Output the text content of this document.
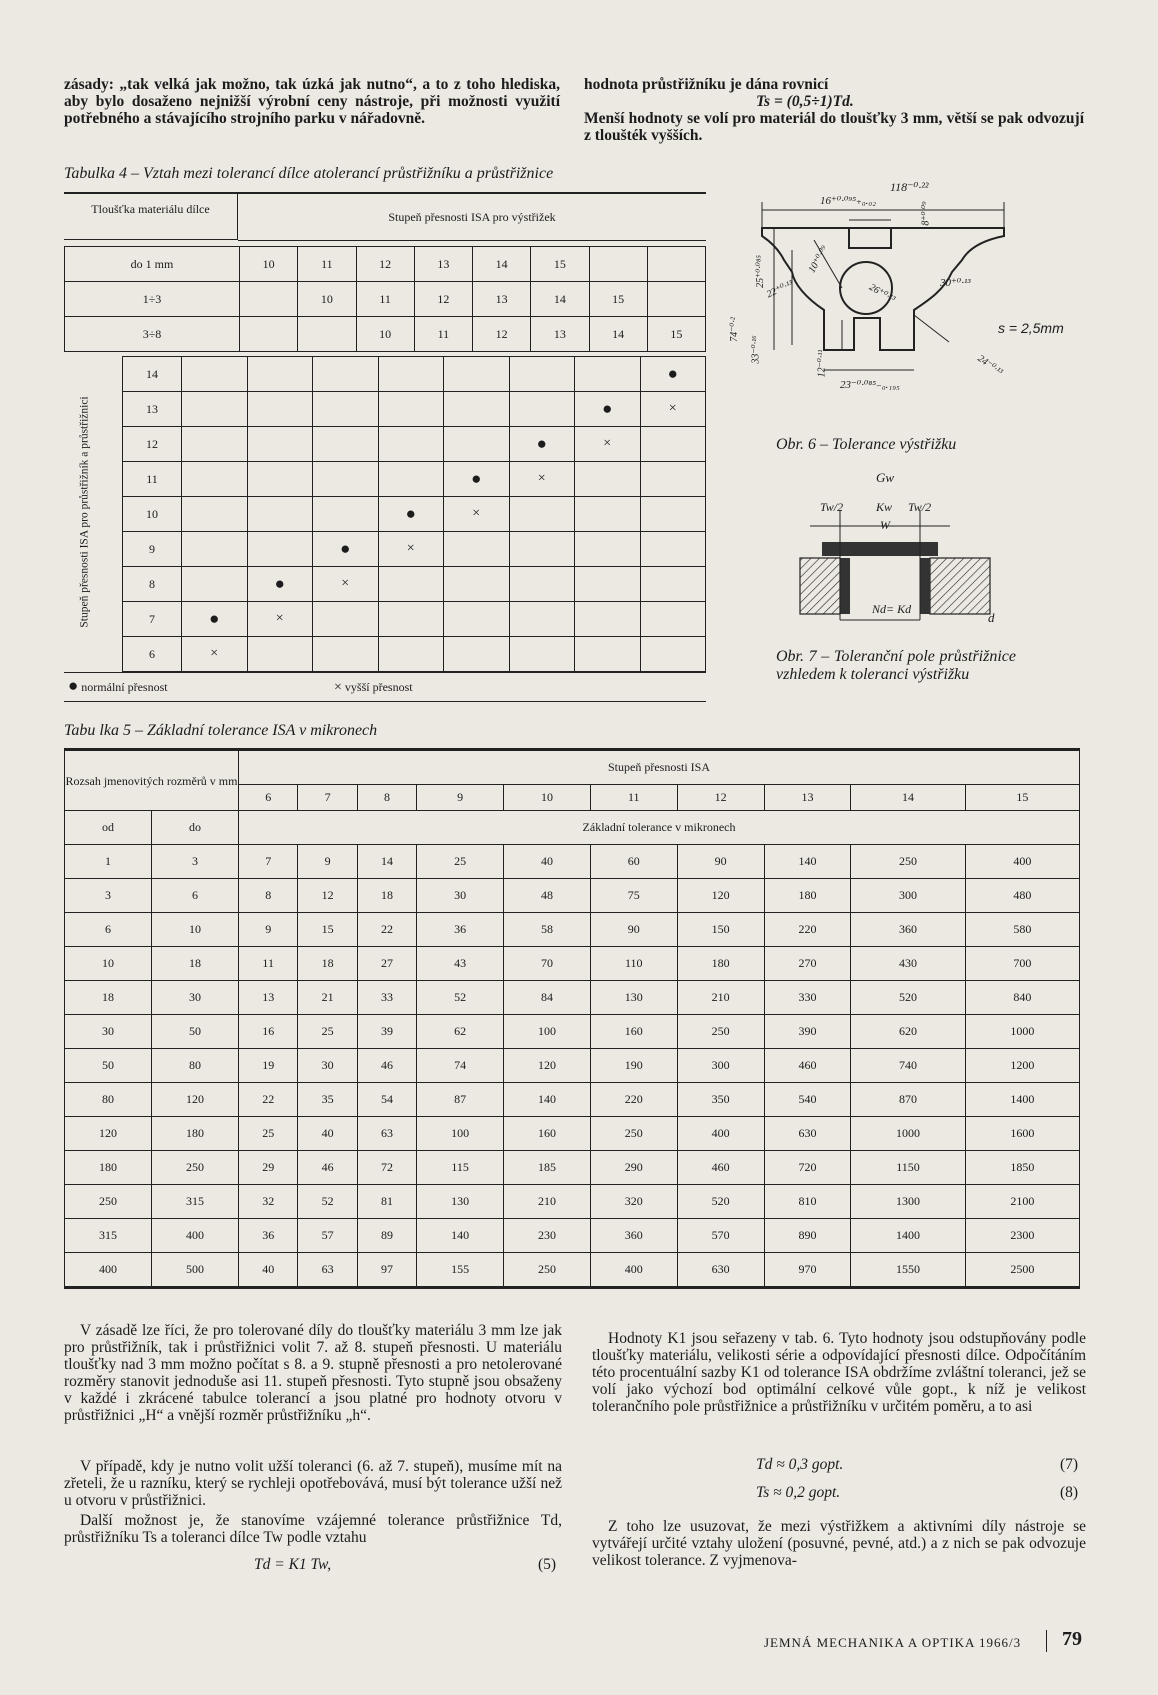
zásady: „tak velká jak možno, tak úzká jak nutno“, a to z toho hlediska, aby bylo dosaženo nejnižší výrobní ceny nástroje, při možnosti využití potřebného a stávajícího strojního parku v nářadovně.
hodnota průstřižníku je dána rovnicí
Ts = (0,5÷1)Td.
Menší hodnoty se volí pro materiál do tloušťky 3 mm, větší se pak odvozují z tloušték vyšších.
Tabulka 4 – Vztah mezi tolerancí dílce atolerancí průstřižníku a průstřižnice
Tloušťka materiálu dílce
Stupeň přesnosti ISA pro výstřižek
do 1 mm	10	11	12	13	14	15		
1÷3		10	11	12	13	14	15	
3÷8			10	11	12	13	14	15
Stupeň přesnosti ISA pro průstřižník a průstřižnici
14								●
13							●	×
12						●	×	
11					●	×		
10				●	×			
9			●	×				
8		●	×					
7	●	×						
6	×							
● normální přesnost	× vyšší přesnost
118⁻⁰·²²
16⁺⁰·⁰⁹⁵₊₀.₀₂
8⁺⁰·⁰⁹
25⁺⁰·⁰⁸⁵	10⁺⁰·⁰⁹
22⁺⁰·¹³	30⁺⁰·¹³
26⁺⁰·¹³
74⁻⁰·²
33⁻⁰·¹⁶	12⁻⁰·¹¹	24⁻⁰·¹³
23⁻⁰·⁰⁸⁵₋₀.₁₉₅
s = 2,5mm
Obr. 6 – Tolerance výstřižku
Gw
Tw/2	Kw Tw/2
W
Nd= Kd
d
Obr. 7 – Toleranční pole průstřižnice vzhledem k toleranci výstřižku
Tabu lka 5 – Základní tolerance ISA v mikronech
Rozsah jmenovitých rozměrů v mm		Stupeň přesnosti ISA									
		6	7	8	9	10	11	12	13	14	15
od	do	Základní tolerance v mikronech									
1	3	7	9	14	25	40	60	90	140	250	400
3	6	8	12	18	30	48	75	120	180	300	480
6	10	9	15	22	36	58	90	150	220	360	580
10	18	11	18	27	43	70	110	180	270	430	700
18	30	13	21	33	52	84	130	210	330	520	840
30	50	16	25	39	62	100	160	250	390	620	1000
50	80	19	30	46	74	120	190	300	460	740	1200
80	120	22	35	54	87	140	220	350	540	870	1400
120	180	25	40	63	100	160	250	400	630	1000	1600
180	250	29	46	72	115	185	290	460	720	1150	1850
250	315	32	52	81	130	210	320	520	810	1300	2100
315	400	36	57	89	140	230	360	570	890	1400	2300
400	500	40	63	97	155	250	400	630	970	1550	2500
V zásadě lze říci, že pro tolerované díly do tloušťky materiálu 3 mm lze jak pro průstřižník, tak i průstřižnici volit 7. až 8. stupeň přesnosti. U materiálu tloušťky nad 3 mm možno počítat s 8. a 9. stupně přesnosti a pro netolerované rozměry stanovit jednoduše asi 11. stupeň přesnosti. Tyto stupně jsou obsaženy v každé i zkrácené tabulce tolerancí a jsou platné pro hodnoty otvoru v průstřižnici „H“ a vnější rozměr průstřižníku „h“.
V případě, kdy je nutno volit užší toleranci (6. až 7. stupeň), musíme mít na zřeteli, že u razníku, který se rychleji opotřebovává, musí být tolerance užší než u otvoru v průstřižnici.
Další možnost je, že stanovíme vzájemné tolerance průstřižnice Td, průstřižníku Ts a toleranci dílce Tw podle vztahu
Td = K1 Tw,	(5)
Hodnoty K1 jsou seřazeny v tab. 6. Tyto hodnoty jsou odstupňovány podle tloušťky materiálu, velikosti série a odpovídající přesnosti dílce. Odpočítáním této procentuální sazby K1 od tolerance ISA obdržíme zvláštní toleranci, jež se volí jako výchozí bod optimální celkové vůle gopt., k níž je velikost tolerančního pole průstřižnice a průstřižníku v určitém poměru, a to asi
Td ≈ 0,3 gopt.	(7)
Ts ≈ 0,2 gopt.	(8)
Z toho lze usuzovat, že mezi výstřižkem a aktivními díly nástroje se vytvářejí určité vztahy uložení (posuvné, pevné, atd.) a z nich se pak odvozuje velikost tolerance. Z vyjmenova-
JEMNÁ MECHANIKA A OPTIKA 1966/3 79
